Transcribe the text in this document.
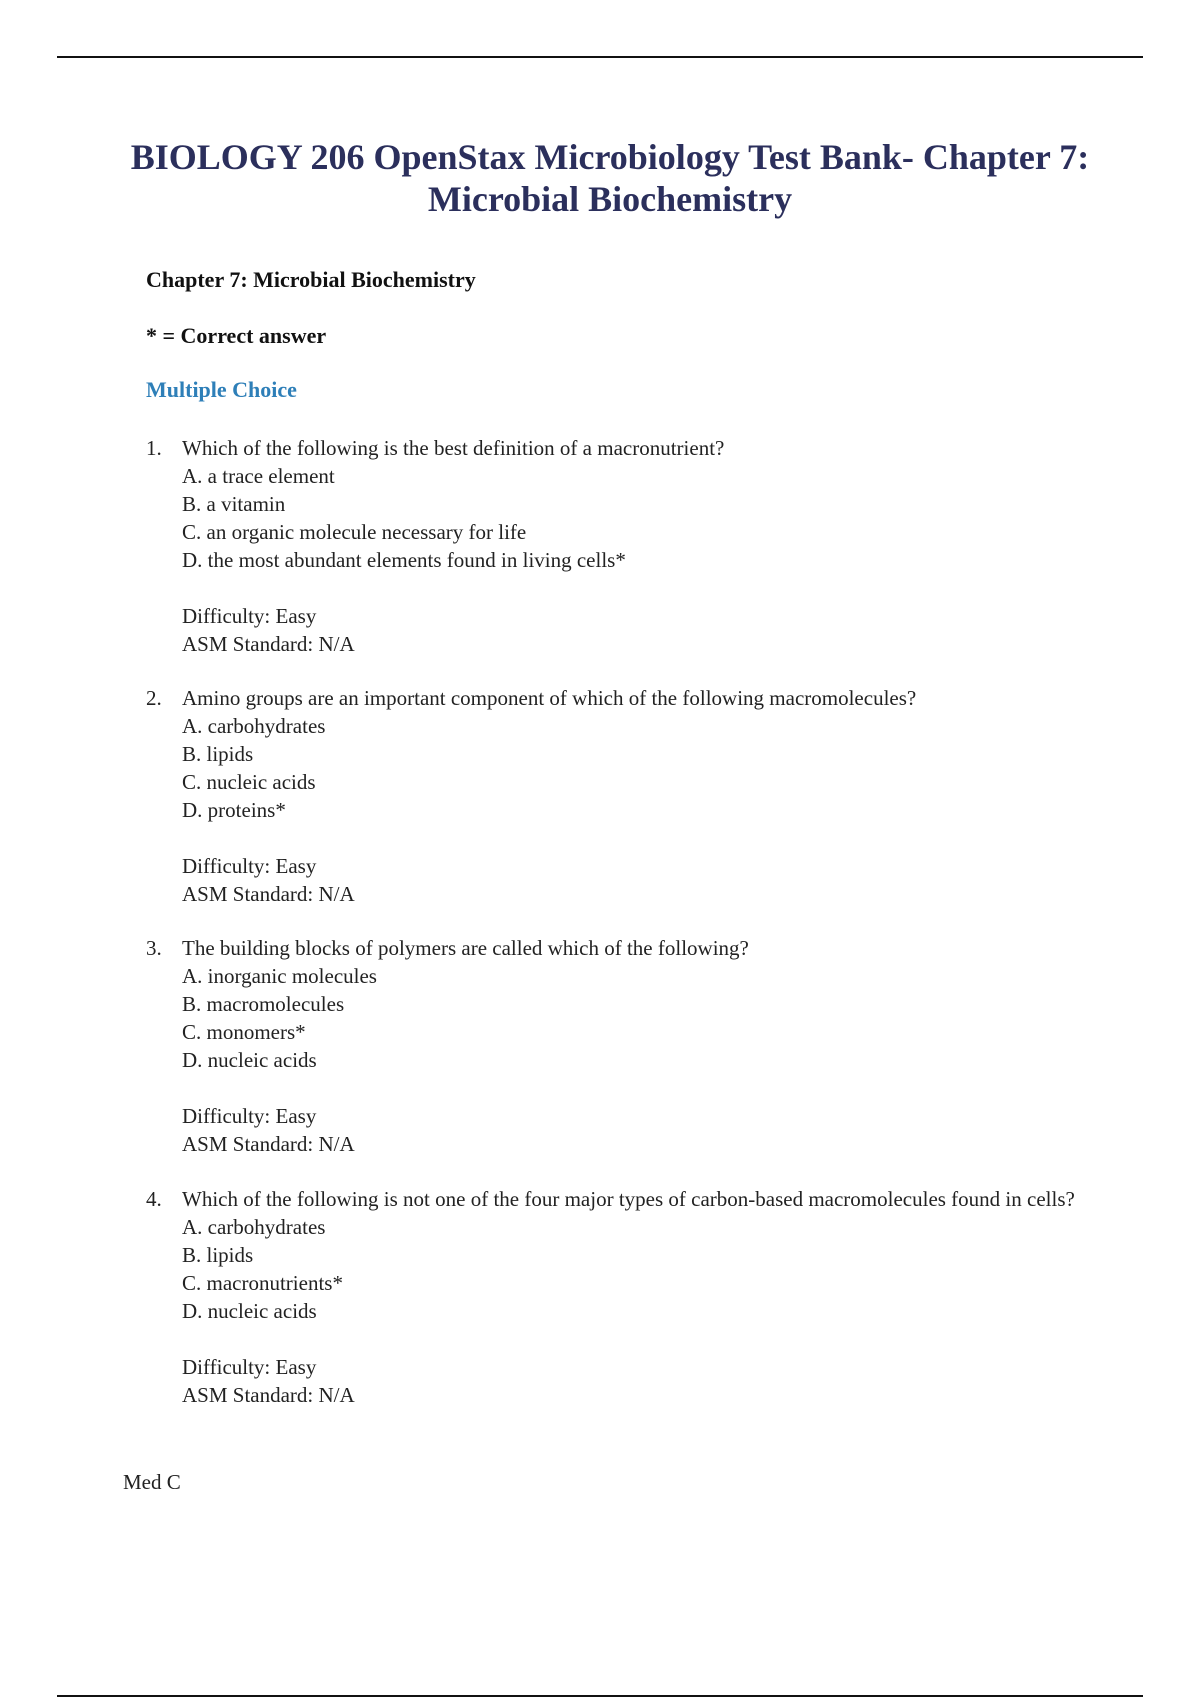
BIOLOGY 206 OpenStax Microbiology Test Bank- Chapter 7: Microbial Biochemistry

Chapter 7: Microbial Biochemistry

* = Correct answer

Multiple Choice

1. Which of the following is the best definition of a macronutrient?
A. a trace element
B. a vitamin
C. an organic molecule necessary for life
D. the most abundant elements found in living cells*
Difficulty: Easy
ASM Standard: N/A
2. Amino groups are an important component of which of the following macromolecules?
A. carbohydrates
B. lipids
C. nucleic acids
D. proteins*
Difficulty: Easy
ASM Standard: N/A
3. The building blocks of polymers are called which of the following?
A. inorganic molecules
B. macromolecules
C. monomers*
D. nucleic acids
Difficulty: Easy
ASM Standard: N/A
4. Which of the following is not one of the four major types of carbon-based macromolecules found in cells?
A. carbohydrates
B. lipids
C. macronutrients*
D. nucleic acids
Difficulty: Easy
ASM Standard: N/A

Med C
